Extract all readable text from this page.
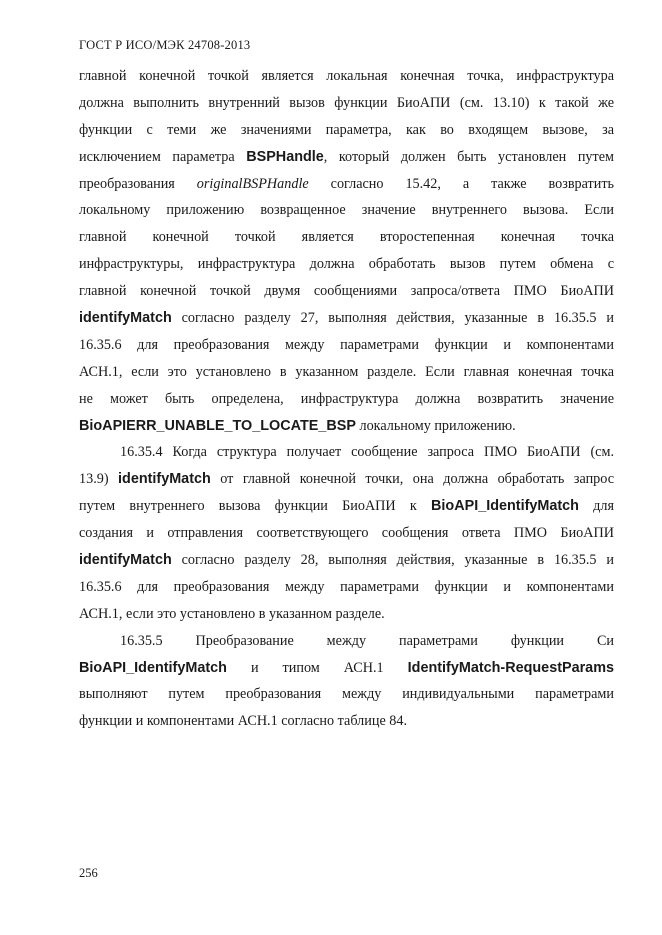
ГОСТ Р ИСО/МЭК 24708-2013
главной конечной точкой является локальная конечная точка, инфраструктура
должна выполнить внутренний вызов функции БиоАПИ (см. 13.10) к такой же
функции с теми же значениями параметра, как во входящем вызове, за
исключением параметра BSPHandle, который должен быть установлен путем
преобразования originalBSPHandle согласно 15.42, а также возвратить
локальному приложению возвращенное значение внутреннего вызова. Если
главной конечной точкой является второстепенная конечная точка
инфраструктуры, инфраструктура должна обработать вызов путем обмена с
главной конечной точкой двумя сообщениями запроса/ответа ПМО БиоАПИ
identifyMatch согласно разделу 27, выполняя действия, указанные в 16.35.5 и
16.35.6 для преобразования между параметрами функции и компонентами
АСН.1, если это установлено в указанном разделе. Если главная конечная точка
не может быть определена, инфраструктура должна возвратить значение
BioAPIERR_UNABLE_TO_LOCATE_BSP локальному приложению.
16.35.4 Когда структура получает сообщение запроса ПМО БиоАПИ (см.
13.9) identifyMatch от главной конечной точки, она должна обработать запрос
путем внутреннего вызова функции БиоАПИ к BioAPI_IdentifyMatch для
создания и отправления соответствующего сообщения ответа ПМО БиоАПИ
identifyMatch согласно разделу 28, выполняя действия, указанные в 16.35.5 и
16.35.6 для преобразования между параметрами функции и компонентами
АСН.1, если это установлено в указанном разделе.
16.35.5 Преобразование между параметрами функции Си
BioAPI_IdentifyMatch и типом АСН.1 IdentifyMatch-RequestParams
выполняют путем преобразования между индивидуальными параметрами
функции и компонентами АСН.1 согласно таблице 84.
256
